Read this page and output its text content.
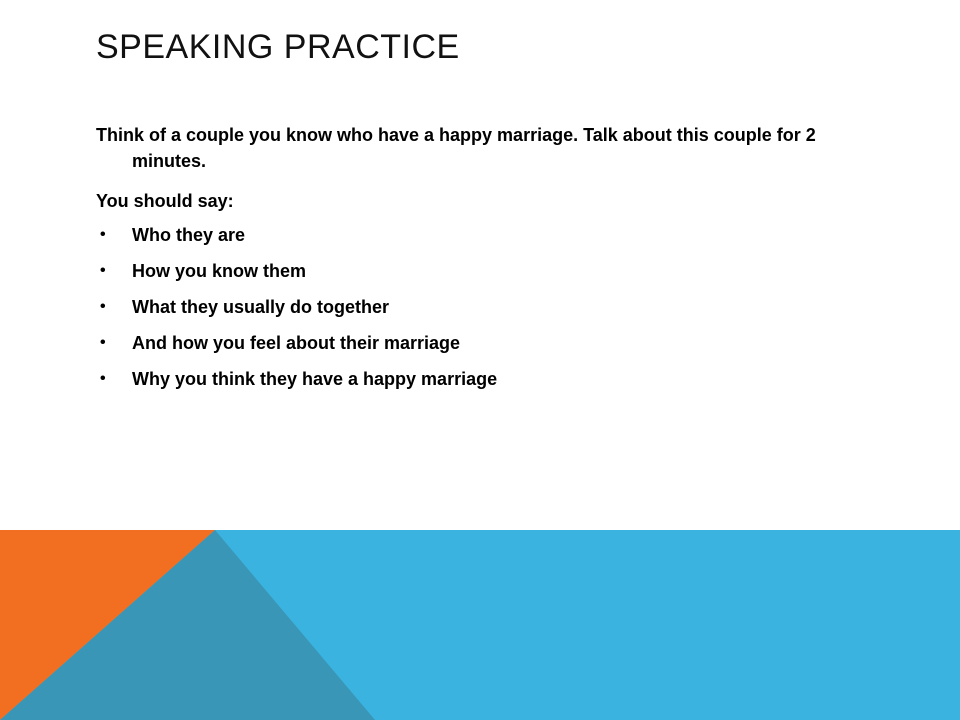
SPEAKING PRACTICE

Think of a couple you know who have a happy marriage. Talk about this couple for 2 minutes.

You should say:

• Who they are
• How you know them
• What they usually do together
• And how you feel about their marriage
• Why you think they have a happy marriage
